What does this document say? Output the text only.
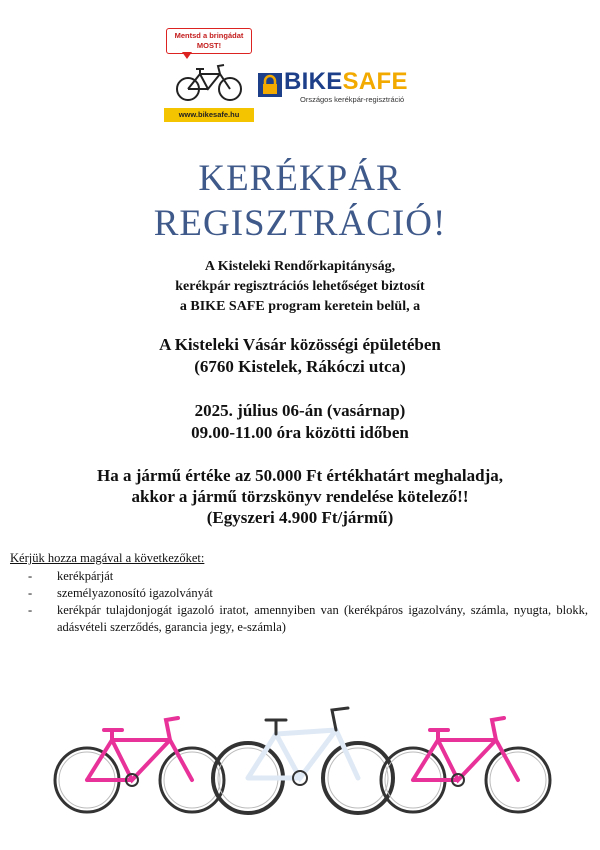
Mentsd a bringádat
MOST!
www.bikesafe.hu
BIKESAFE
Országos kerékpár-regisztráció
KERÉKPÁR
REGISZTRÁCIÓ!
A Kisteleki Rendőrkapitányság,
kerékpár regisztrációs lehetőséget biztosít
a BIKE SAFE program keretein belül, a
A Kisteleki Vásár közösségi épületében
(6760 Kistelek, Rákóczi utca)
2025. július 06-án (vasárnap)
09.00-11.00 óra közötti időben
Ha a jármű értéke az 50.000 Ft értékhatárt meghaladja,
akkor a jármű törzskönyv rendelése kötelező!!
(Egyszeri 4.900 Ft/jármű)
Kérjük hozza magával a következőket:
- kerékpárját
- személyazonosító igazolványát
- kerékpár tulajdonjogát igazoló iratot, amennyiben van (kerékpáros igazolvány, számla, nyugta, blokk, adásvételi szerződés, garancia jegy, e-számla)
